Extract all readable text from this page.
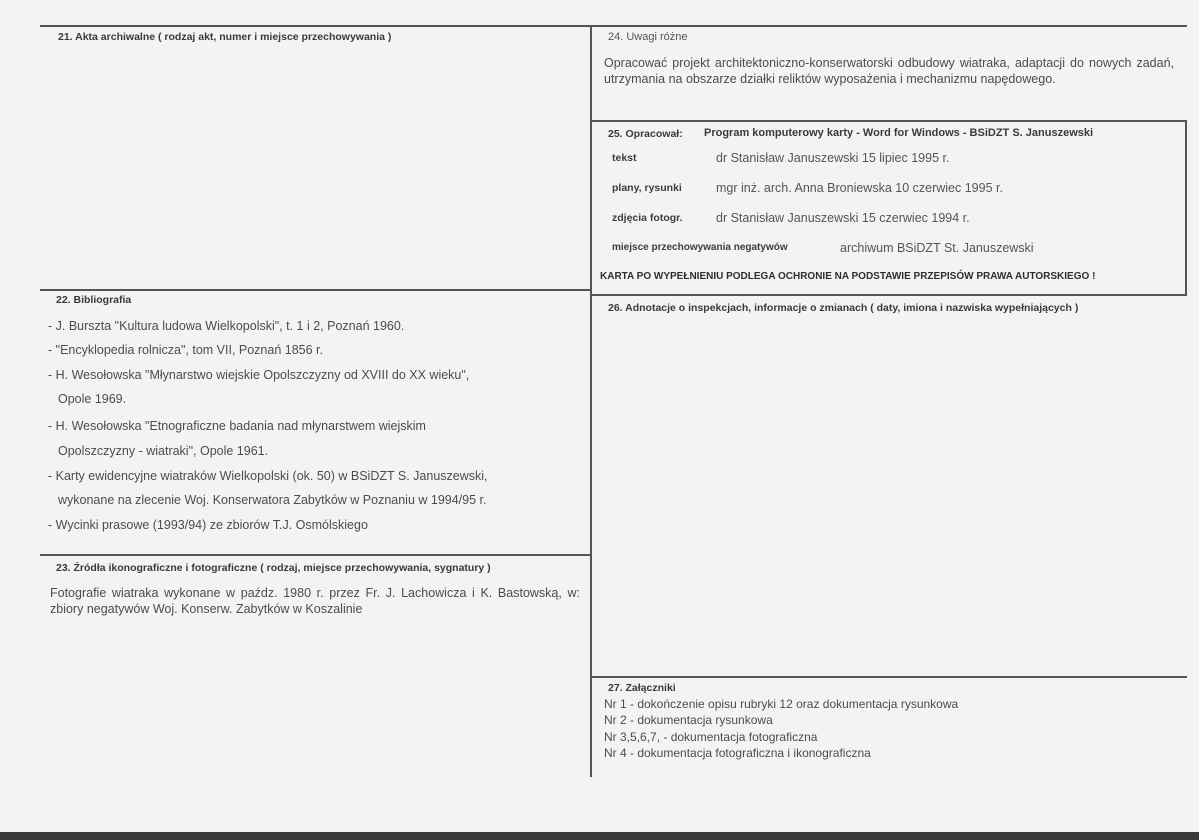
21. Akta archiwalne ( rodzaj akt, numer i miejsce przechowywania )
22. Bibliografia
- J. Burszta "Kultura ludowa Wielkopolski", t. 1 i 2, Poznań 1960.
- "Encyklopedia rolnicza", tom VII, Poznań 1856 r.
- H. Wesołowska "Młynarstwo wiejskie Opolszczyzny od XVIII do XX wieku",
Opole 1969.
- H. Wesołowska "Etnograficzne badania nad młynarstwem wiejskim
Opolszczyzny - wiatraki", Opole 1961.
- Karty ewidencyjne wiatraków Wielkopolski (ok. 50) w BSiDZT S. Januszewski,
wykonane na zlecenie Woj. Konserwatora Zabytków w Poznaniu w 1994/95 r.
- Wycinki prasowe (1993/94) ze zbiorów T.J. Osmólskiego
23. Źródła ikonograficzne i fotograficzne ( rodzaj, miejsce przechowywania, sygnatury )
Fotografie wiatraka wykonane w paźdz. 1980 r. przez Fr. J. Lachowicza i K. Bastowską, w: zbiory negatywów Woj. Konserw. Zabytków w Koszalinie
24. Uwagi różne
Opracować projekt architektoniczno-konserwatorski odbudowy wiatraka, adaptacji do nowych zadań, utrzymania na obszarze działki reliktów wyposażenia i mechanizmu napędowego.
25. Opracował: Program komputerowy karty - Word for Windows - BSiDZT S. Januszewski
tekst	dr Stanisław Januszewski 15 lipiec 1995 r.
plany, rysunki	mgr inż. arch. Anna Broniewska 10 czerwiec 1995 r.
zdjęcia fotogr.	dr Stanisław Januszewski 15 czerwiec 1994 r.
miejsce przechowywania negatywów	archiwum BSiDZT St. Januszewski
KARTA PO WYPEŁNIENIU PODLEGA OCHRONIE NA PODSTAWIE PRZEPISÓW PRAWA AUTORSKIEGO !
26. Adnotacje o inspekcjach, informacje o zmianach ( daty, imiona i nazwiska wypełniających )
27. Załączniki
Nr 1 - dokończenie opisu rubryki 12 oraz dokumentacja rysunkowa
Nr 2 - dokumentacja rysunkowa
Nr 3,5,6,7, - dokumentacja fotograficzna
Nr 4 - dokumentacja fotograficzna i ikonograficzna
